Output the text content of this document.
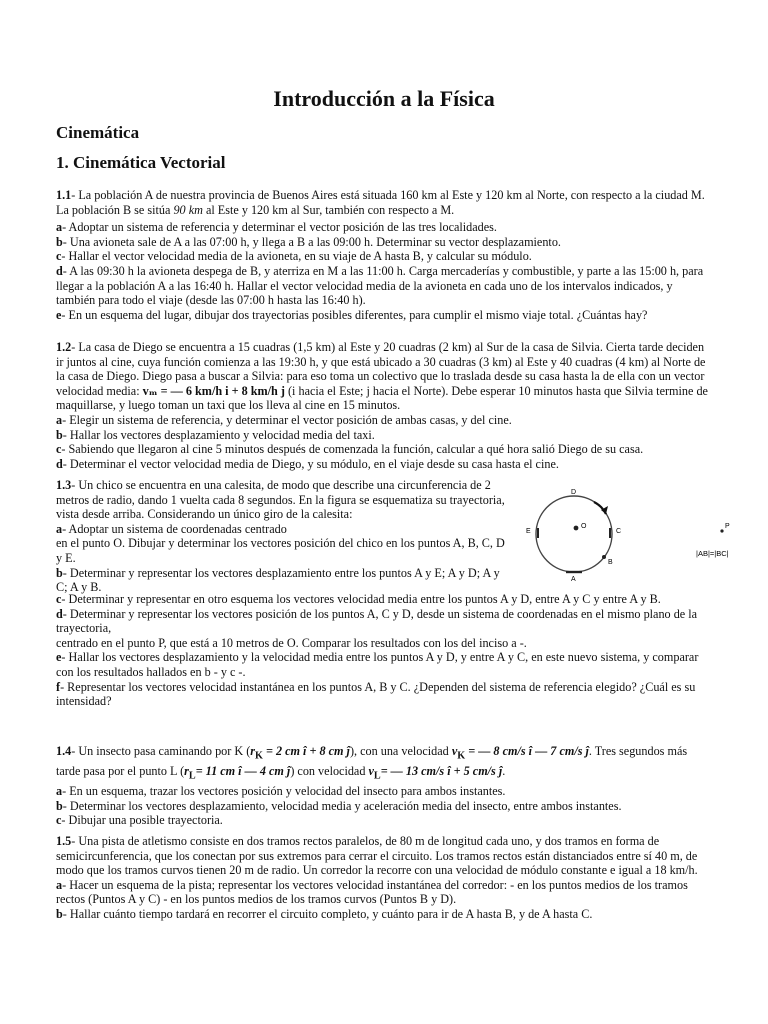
Introducción a la Física
Cinemática
1. Cinemática Vectorial

1.1- La población A de nuestra provincia de Buenos Aires está situada 160 km al Este y 120 km al Norte, con respecto a la ciudad M. La población B se sitúa 90 km al Este y 120 km al Sur, también con respecto a M.

a- Adoptar un sistema de referencia y determinar el vector posición de las tres localidades.

b- Una avioneta sale de A a las 07:00 h, y llega a B a las 09:00 h. Determinar su vector desplazamiento.

c- Hallar el vector velocidad media de la avioneta, en su viaje de A hasta B, y calcular su módulo.

d- A las 09:30 h la avioneta despega de B, y aterriza en M a las 11:00 h. Carga mercaderías y combustible, y parte a las 15:00 h, para llegar a la población A a las 16:40 h. Hallar el vector velocidad media de la avioneta en cada uno de los intervalos indicados, y también para todo el viaje (desde las 07:00 h hasta las 16:40 h).

e- En un esquema del lugar, dibujar dos trayectorias posibles diferentes, para cumplir el mismo viaje total. ¿Cuántas hay?

1.2- La casa de Diego se encuentra a 15 cuadras (1,5 km) al Este y 20 cuadras (2 km) al Sur de la casa de Silvia. Cierta tarde deciden ir juntos al cine, cuya función comienza a las 19:30 h, y que está ubicado a 30 cuadras (3 km) al Este y 40 cuadras (4 km) al Norte de la casa de Diego. Diego pasa a buscar a Silvia: para eso toma un colectivo que lo traslada desde su casa hasta la de ella con un vector velocidad media: vₘ = — 6 km/h i + 8 km/h j (i hacia el Este; j hacia el Norte). Debe esperar 10 minutos hasta que Silvia termine de maquillarse, y luego toman un taxi que los lleva al cine en 15 minutos.

a- Elegir un sistema de referencia, y determinar el vector posición de ambas casas, y del cine.

b- Hallar los vectores desplazamiento y velocidad media del taxi.

c- Sabiendo que llegaron al cine 5 minutos después de comenzada la función, calcular a qué hora salió Diego de su casa.

d- Determinar el vector velocidad media de Diego, y su módulo, en el viaje desde su casa hasta el cine.

1.3- Un chico se encuentra en una calesita, de modo que describe una circunferencia de 2 metros de radio, dando 1 vuelta cada 8 segundos. En la figura se esquematiza su trayectoria, vista desde arriba. Considerando un único giro de la calesita:

a- Adoptar un sistema de coordenadas centrado

en el punto O. Dibujar y determinar los vectores posición del chico en los puntos A, B, C, D y E.

b- Determinar y representar los vectores desplazamiento entre los puntos A y E; A y D; A y C; A y B.

O
D
C
E
B
A
P
|AB|=|BC|

c- Determinar y representar en otro esquema los vectores velocidad media entre los puntos A y D, entre A y C y entre A y B.

d- Determinar y representar los vectores posición de los puntos A, C y D, desde un sistema de coordenadas en el mismo plano de la trayectoria,

centrado en el punto P, que está a 10 metros de O. Comparar los resultados con los del inciso a -.

e- Hallar los vectores desplazamiento y la velocidad media entre los puntos A y D, y entre A y C, en este nuevo sistema, y comparar con los resultados hallados en b - y c -.

f- Representar los vectores velocidad instantánea en los puntos A, B y C. ¿Dependen del sistema de referencia elegido? ¿Cuál es su intensidad?

1.4- Un insecto pasa caminando por K ($r_K = 2$ cm î + 8 cm ĵ), con una velocidad $v_K$ = — 8 cm/s î — 7 cm/s ĵ. Tres segundos más tarde pasa por el punto L ($r_L= 11$ cm î — 4 cm ĵ) con velocidad $v_L=$ — 13 cm/s î + 5 cm/s ĵ.

a- En un esquema, trazar los vectores posición y velocidad del insecto para ambos instantes.

b- Determinar los vectores desplazamiento, velocidad media y aceleración media del insecto, entre ambos instantes.

c- Dibujar una posible trayectoria.

1.5- Una pista de atletismo consiste en dos tramos rectos paralelos, de 80 m de longitud cada uno, y dos tramos en forma de semicircunferencia, que los conectan por sus extremos para cerrar el circuito. Los tramos rectos están distanciados entre sí 40 m, de modo que los tramos curvos tienen 20 m de radio. Un corredor la recorre con una velocidad de módulo constante e igual a 18 km/h.

a- Hacer un esquema de la pista; representar los vectores velocidad instantánea del corredor: - en los puntos medios de los tramos rectos (Puntos A y C) - en los puntos medios de los tramos curvos (Puntos B y D).

b- Hallar cuánto tiempo tardará en recorrer el circuito completo, y cuánto para ir de A hasta B, y de A hasta C.
